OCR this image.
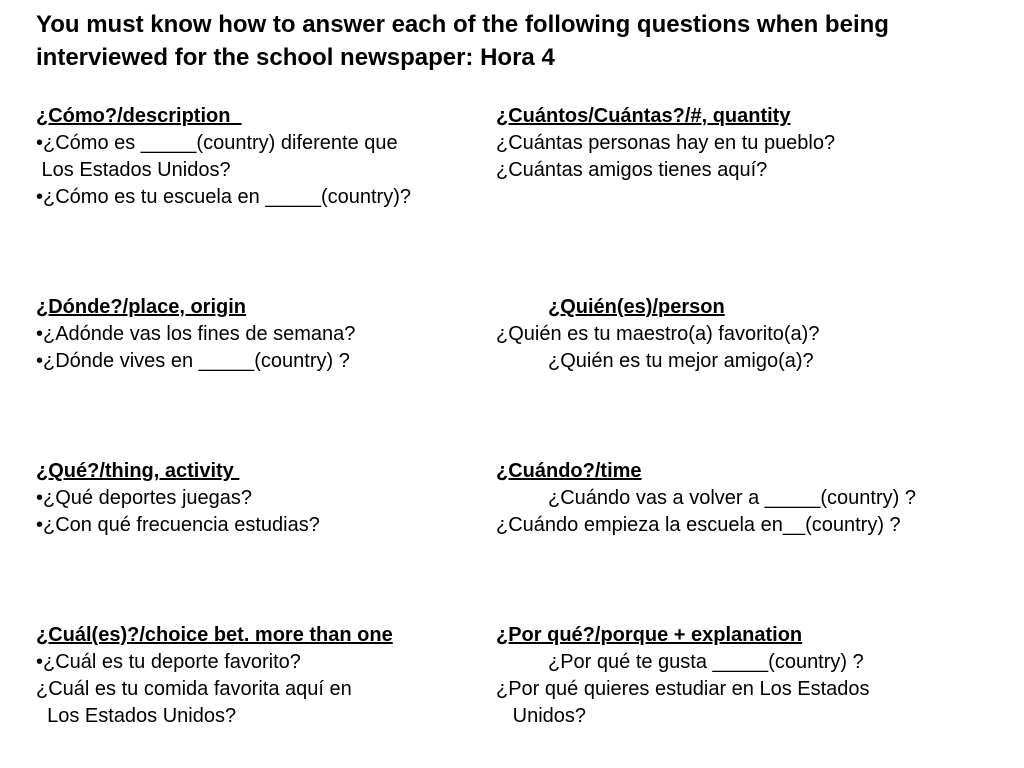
You must know how to answer each of the following questions when being interviewed for the school newspaper: Hora 4
¿Cómo?/description
•¿Cómo es _____(country) diferente que
Los Estados Unidos?
•¿Cómo es tu escuela en _____(country)?
¿Cuántos/Cuántas?/#, quantity
¿Cuántas personas hay en tu pueblo?
¿Cuántas amigos tienes aquí?
¿Dónde?/place, origin
•¿Adónde vas los fines de semana?
•¿Dónde vives en _____(country) ?
¿Quién(es)/person
¿Quién es tu maestro(a) favorito(a)?
¿Quién es tu mejor amigo(a)?
¿Qué?/thing, activity
•¿Qué deportes juegas?
•¿Con qué frecuencia estudias?
¿Cuándo?/time
¿Cuándo vas a volver a _____(country) ?
¿Cuándo empieza la escuela en__(country) ?
¿Cuál(es)?/choice bet. more than one
•¿Cuál es tu deporte favorito?
¿Cuál es tu comida favorita aquí en
Los Estados Unidos?
¿Por qué?/porque + explanation
¿Por qué te gusta _____(country) ?
¿Por qué quieres estudiar en Los Estados
Unidos?
